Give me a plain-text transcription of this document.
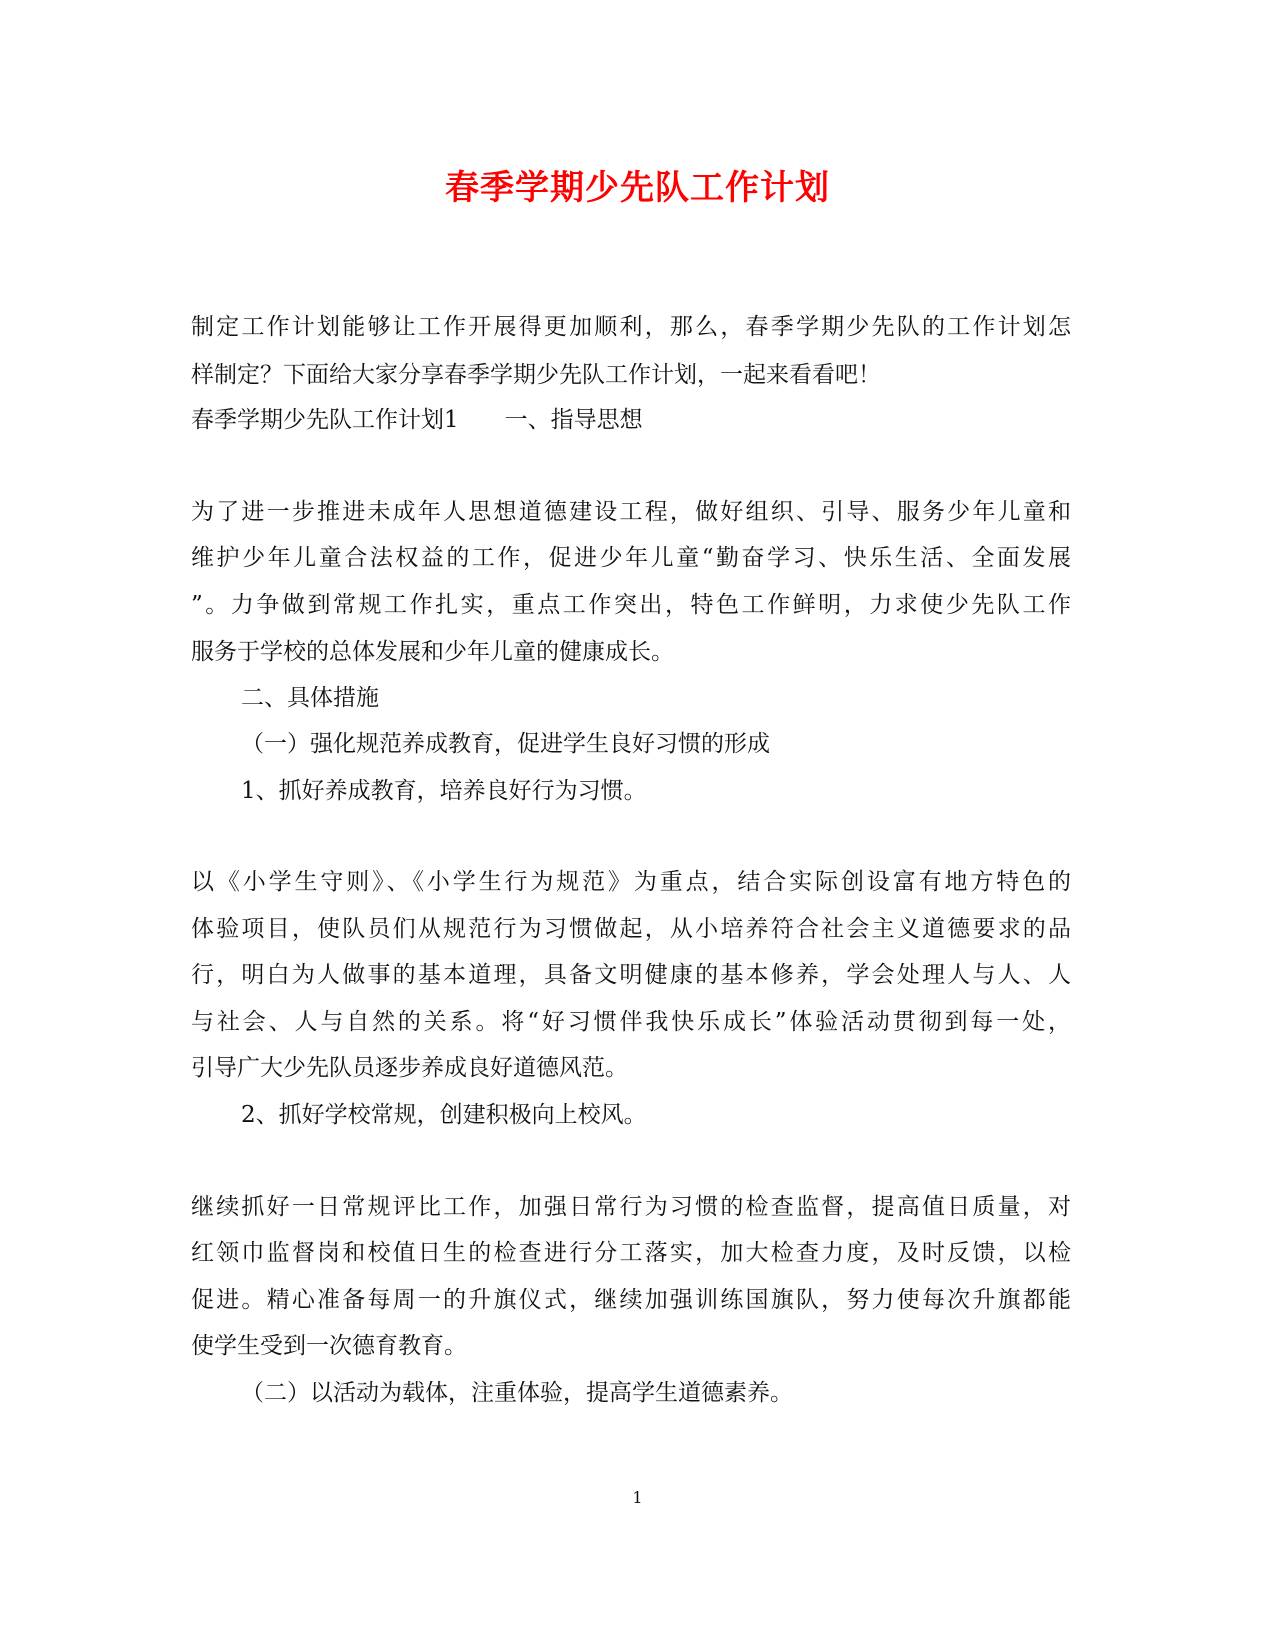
春季学期少先队工作计划
制定工作计划能够让工作开展得更加顺利，那么，春季学期少先队的工作计划怎
样制定？下面给大家分享春季学期少先队工作计划，一起来看看吧！
春季学期少先队工作计划1　　一、指导思想
为了进一步推进未成年人思想道德建设工程，做好组织、引导、服务少年儿童和
维护少年儿童合法权益的工作，促进少年儿童“勤奋学习、快乐生活、全面发展
”。力争做到常规工作扎实，重点工作突出，特色工作鲜明，力求使少先队工作
服务于学校的总体发展和少年儿童的健康成长。
二、具体措施
（一）强化规范养成教育，促进学生良好习惯的形成
1、抓好养成教育，培养良好行为习惯。
以《小学生守则》、《小学生行为规范》为重点，结合实际创设富有地方特色的
体验项目，使队员们从规范行为习惯做起，从小培养符合社会主义道德要求的品
行，明白为人做事的基本道理，具备文明健康的基本修养，学会处理人与人、人
与社会、人与自然的关系。将“好习惯伴我快乐成长”体验活动贯彻到每一处，
引导广大少先队员逐步养成良好道德风范。
2、抓好学校常规，创建积极向上校风。
继续抓好一日常规评比工作，加强日常行为习惯的检查监督，提高值日质量，对
红领巾监督岗和校值日生的检查进行分工落实，加大检查力度，及时反馈，以检
促进。精心准备每周一的升旗仪式，继续加强训练国旗队，努力使每次升旗都能
使学生受到一次德育教育。
（二）以活动为载体，注重体验，提高学生道德素养。
1
